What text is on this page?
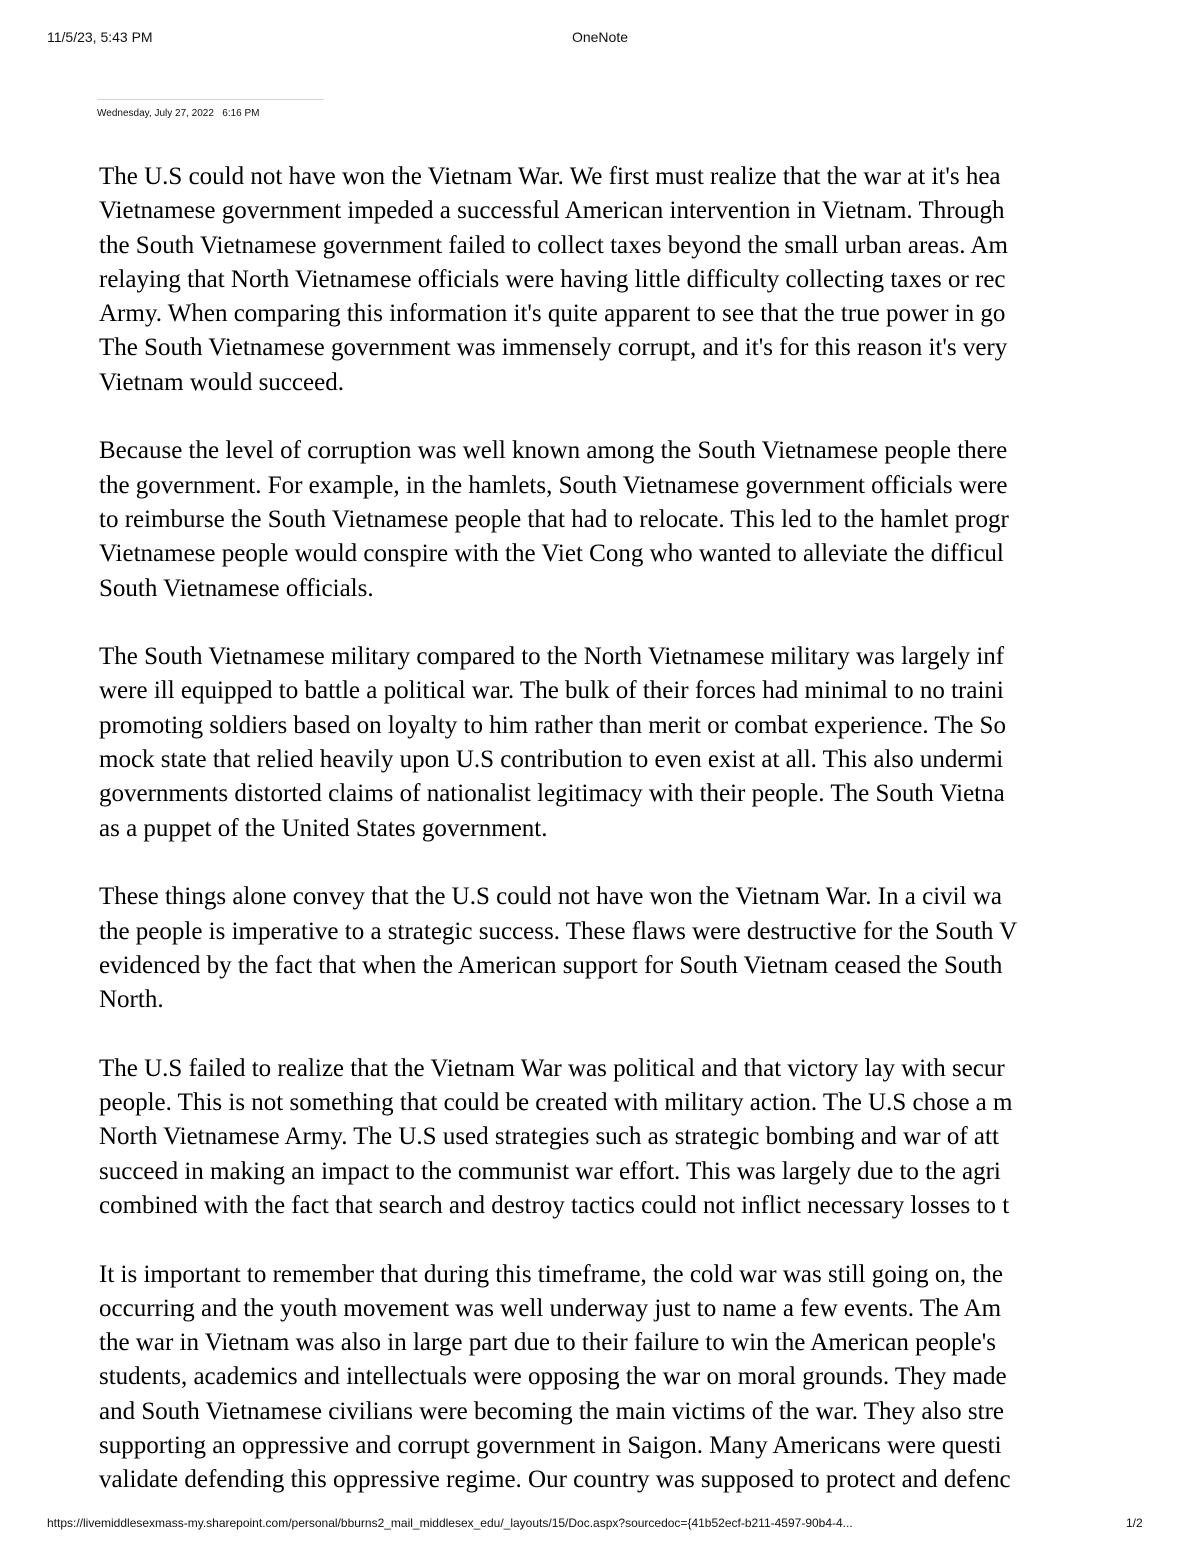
11/5/23, 5:43 PM	OneNote
Wednesday, July 27, 2022   6:16 PM

The U.S could not have won the Vietnam War. We first must realize that the war at it's hea
Vietnamese government impeded a successful American intervention in Vietnam. Through
the South Vietnamese government failed to collect taxes beyond the small urban areas. Am
relaying that North Vietnamese officials were having little difficulty collecting taxes or rec
Army. When comparing this information it's quite apparent to see that the true power in go
The South Vietnamese government was immensely corrupt, and it's for this reason it's very
Vietnam would succeed.

Because the level of corruption was well known among the South Vietnamese people there
the government. For example, in the hamlets, South Vietnamese government officials were
to reimburse the South Vietnamese people that had to relocate. This led to the hamlet progr
Vietnamese people would conspire with the Viet Cong who wanted to alleviate the difficul
South Vietnamese officials.

The South Vietnamese military compared to the North Vietnamese military was largely inf
were ill equipped to battle a political war. The bulk of their forces had minimal to no traini
promoting soldiers based on loyalty to him rather than merit or combat experience. The So
mock state that relied heavily upon U.S contribution to even exist at all. This also undermi
governments distorted claims of nationalist legitimacy with their people. The South Vietna
as a puppet of the United States government.

These things alone convey that the U.S could not have won the Vietnam War. In a civil wa
the people is imperative to a strategic success. These flaws were destructive for the South V
evidenced by the fact that when the American support for South Vietnam ceased the South
North.

The U.S failed to realize that the Vietnam War was political and that victory lay with secur
people. This is not something that could be created with military action. The U.S chose a m
North Vietnamese Army. The U.S used strategies such as strategic bombing and war of att
succeed in making an impact to the communist war effort. This was largely due to the agri
combined with the fact that search and destroy tactics could not inflict necessary losses to t

It is important to remember that during this timeframe, the cold war was still going on, the
occurring and the youth movement was well underway just to name a few events. The Am
the war in Vietnam was also in large part due to their failure to win the American people's
students, academics and intellectuals were opposing the war on moral grounds. They made
and South Vietnamese civilians were becoming the main victims of the war. They also stre
supporting an oppressive and corrupt government in Saigon. Many Americans were questi
validate defending this oppressive regime. Our country was supposed to protect and defenc

https://livemiddlesexmass-my.sharepoint.com/personal/bburns2_mail_middlesex_edu/_layouts/15/Doc.aspx?sourcedoc={41b52ecf-b211-4597-90b4-4...	1/2
